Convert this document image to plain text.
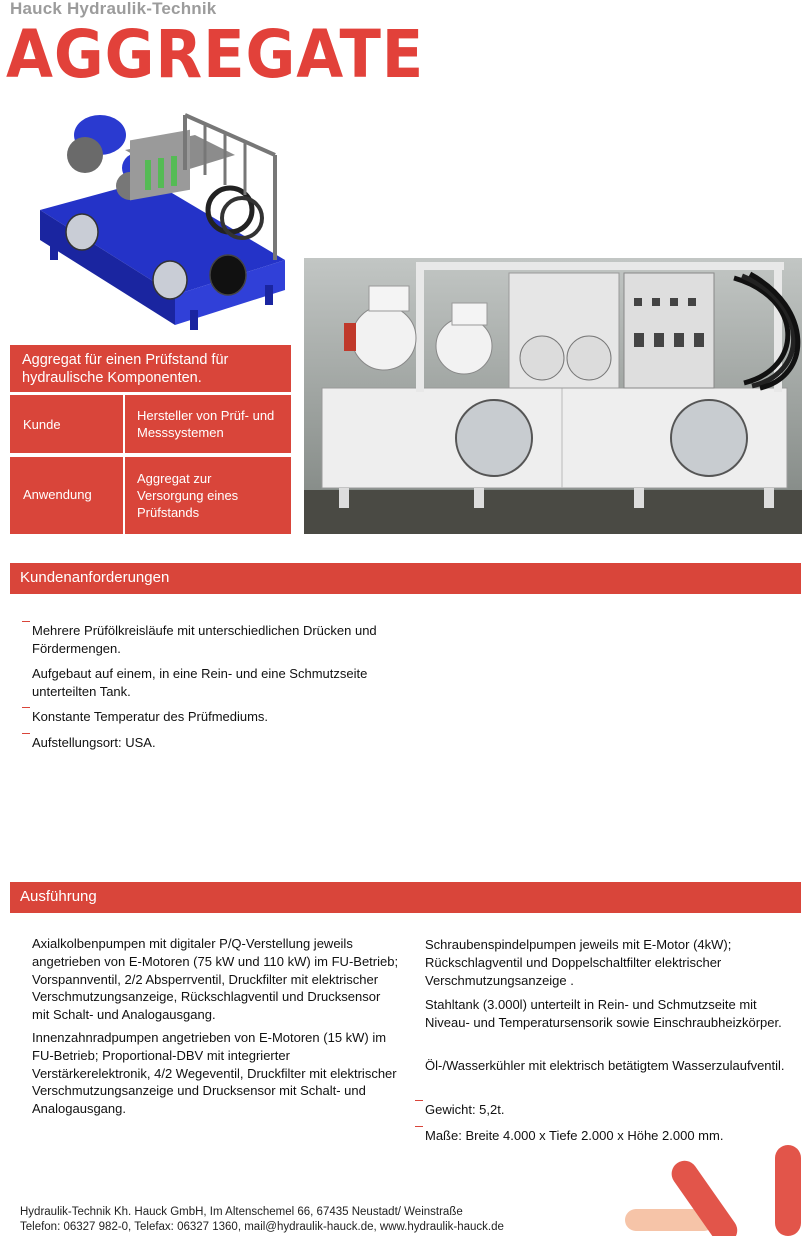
Hauck Hydraulik-Technik
AGGREGATE
Aggregat für einen Prüfstand für hydraulische Komponenten.
Kunde
Hersteller von Prüf- und Messsystemen
Anwendung
Aggregat zur Versorgung eines Prüfstands
Kundenanforderungen
Mehrere Prüfölkreisläufe mit unterschiedlichen Drücken und Fördermengen.
Aufgebaut auf einem, in eine Rein- und eine Schmutzseite unterteilten Tank.
Konstante Temperatur des Prüfmediums.
Aufstellungsort: USA.
Ausführung
Axialkolbenpumpen mit digitaler P/Q-Verstellung jeweils angetrieben von E-Motoren (75 kW und 110 kW) im FU-Betrieb; Vorspannventil, 2/2 Absperrventil, Druckfilter mit elektrischer Verschmutzungsanzeige, Rückschlagventil und Drucksensor mit Schalt- und Analogausgang.
Innenzahnradpumpen angetrieben von E-Motoren (15 kW) im FU-Betrieb; Proportional-DBV mit integrierter Verstärkerelektronik, 4/2 Wegeventil, Druckfilter mit elektrischer Verschmutzungsanzeige und Drucksensor mit Schalt- und Analogausgang.
Schraubenspindelpumpen jeweils mit E-Motor (4kW); Rückschlagventil und Doppelschaltfilter elektrischer Verschmutzungsanzeige .
Stahltank (3.000l) unterteilt in Rein- und Schmutzseite mit Niveau- und Temperatursensorik sowie Einschraubheizkörper.
Öl-/Wasserkühler mit elektrisch betätigtem Wasserzulaufventil.
Gewicht: 5,2t.
Maße: Breite 4.000 x Tiefe 2.000 x Höhe 2.000 mm.
Hydraulik-Technik Kh. Hauck GmbH, Im Altenschemel 66, 67435 Neustadt/ Weinstraße
Telefon: 06327 982-0, Telefax: 06327 1360, mail@hydraulik-hauck.de, www.hydraulik-hauck.de
